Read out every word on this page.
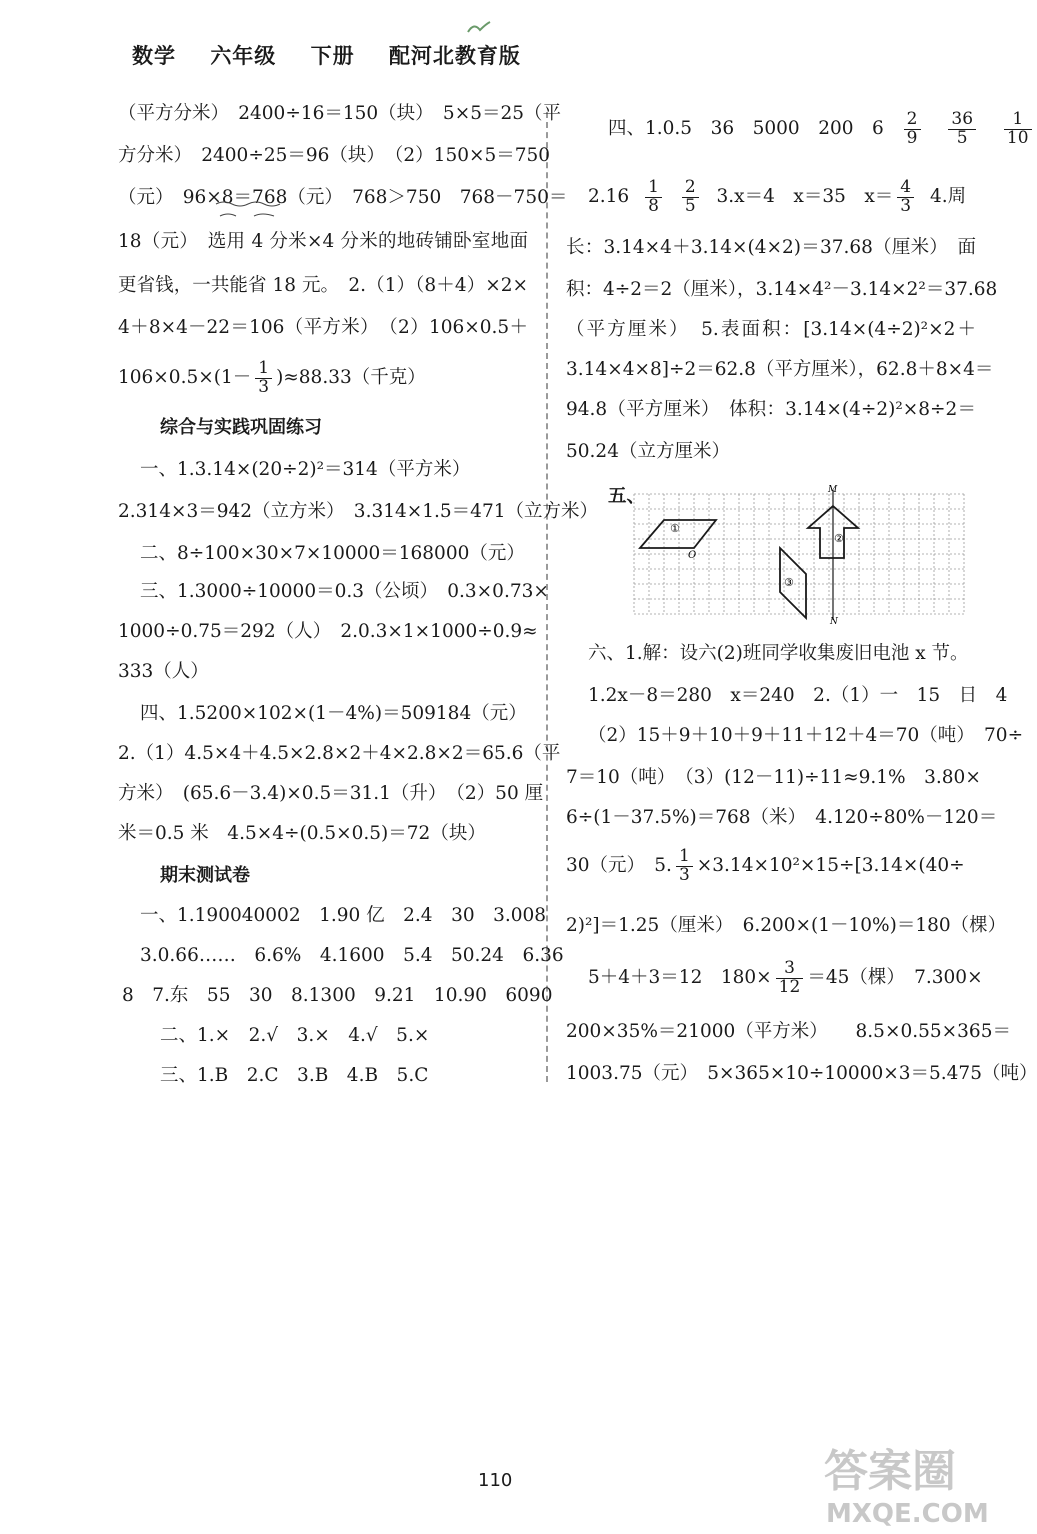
数学 六年级 下册 配河北教育版
（平方分米）　2400÷16＝150（块）　5×5＝25（平
方分米）　2400÷25＝96（块）　（2）150×5＝750
（元）　96×8＝768（元）　768＞750　768－750＝
18（元）　选用 4 分米×4 分米的地砖铺卧室地面
更省钱，一共能省 18 元。　2.（1）（8＋4）×2×
4＋8×4－22＝106（平方米）　（2）106×0.5＋
$106\times 0.5\times(1- \frac{1}{3} )\approx 88.33$（千克）
综合与实践巩固练习
一、1.3.14×(20÷2)²＝314（平方米）
2.314×3＝942（立方米）　3.314×1.5＝471（立方米）
二、8÷100×30×7×10000＝168000（元）
三、1.3000÷10000＝0.3（公顷）　0.3×0.73×
1000÷0.75＝292（人）　2.0.3×1×1000÷0.9≈
333（人）
四、1.5200×102×(1－4%)＝509184（元）
2.（1）4.5×4＋4.5×2.8×2＋4×2.8×2＝65.6（平
方米）　(65.6－3.4)×0.5＝31.1（升）　（2）50 厘
米＝0.5 米　4.5×4÷(0.5×0.5)＝72（块）
期末测试卷
一、1.190040002　1.90 亿　2.4　30　3.008
3.0.66……　6.6%　4.1600　5.4　50.24　6.36
8　7.东　55　30　8.1300　9.21　10.90　6090
二、1.×　2.√　3.×　4.√　5.×
三、1.B　2.C　3.B　4.B　5.C
四、1.0.5　36　5000　200　$6 \frac{2}{9}$
$\frac{36}{5}$
$\frac{1}{10}$
$2.16 \frac{1}{8}$
$\frac{2}{5} 3.x=4$　x＝35　$x= \frac{4}{3} 4$.周
长：3.14×4＋3.14×(4×2)＝37.68（厘米）　面
积：4÷2＝2（厘米），3.14×4²－3.14×2²＝37.68
（平方厘米）　5.表面积：[3.14×(4÷2)²×2＋
3.14×4×8]÷2＝62.8（平方厘米），62.8＋8×4＝
94.8（平方厘米）　体积：3.14×(4÷2)²×8÷2＝
50.24（立方厘米）
六、1.解：设六(2)班同学收集废旧电池 x 节。
1.2x－8＝280　x＝240　2.（1）一　15　日　4
（2）15＋9＋10＋9＋11＋12＋4＝70（吨）　70÷
7＝10（吨）　（3）(12－11)÷11≈9.1%　3.80×
6÷(1－37.5%)＝768（米）　4.120÷80%－120＝
30（元）　5. $\frac{1}{3} \times 3.14\times 10^2\times 15\div[3.14\times(40\div$
2)²]＝1.25（厘米）　6.200×(1－10%)＝180（棵）
5＋4＋3＝12　$180\times \frac{3}{12} =45$（棵）　7.300×
200×35%＝21000（平方米）　　8.5×0.55×365＝
1003.75（元）　5×365×10÷10000×3＝5.475（吨）
五、	M
N
①
O
②
③
110	答案圈
MXQE.COM
